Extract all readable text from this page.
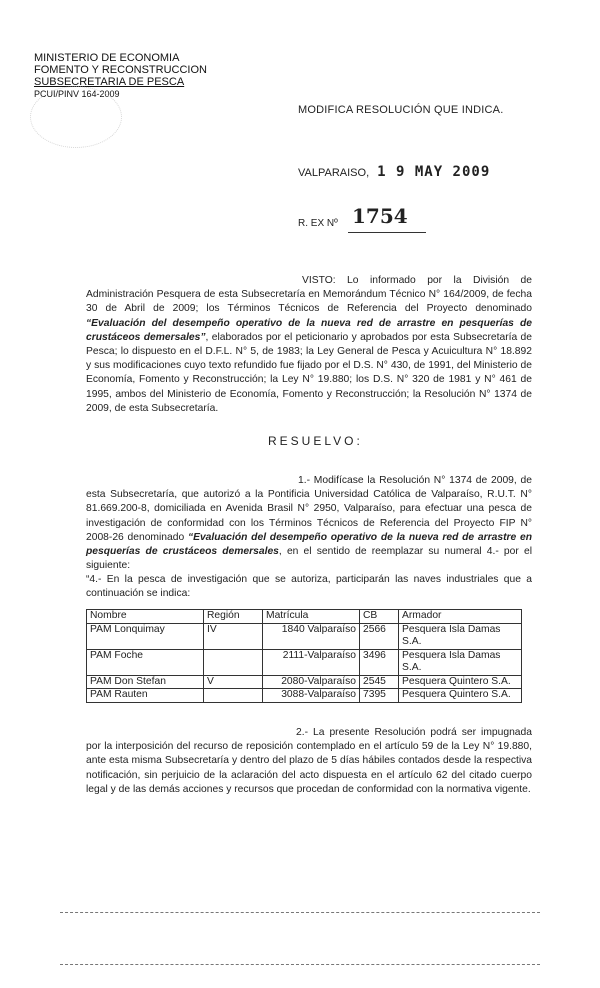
MINISTERIO DE ECONOMIA
FOMENTO Y RECONSTRUCCION
SUBSECRETARIA DE PESCA
PCUI/PINV 164-2009
MODIFICA RESOLUCIÓN QUE INDICA.
VALPARAISO, 1 9 MAY 2009
R. EX Nº 1754
VISTO: Lo informado por la División de Administración Pesquera de esta Subsecretaría en Memorándum Técnico N° 164/2009, de fecha 30 de Abril de 2009; los Términos Técnicos de Referencia del Proyecto denominado “Evaluación del desempeño operativo de la nueva red de arrastre en pesquerías de crustáceos demersales”, elaborados por el peticionario y aprobados por esta Subsecretaría de Pesca; lo dispuesto en el D.F.L. N° 5, de 1983; la Ley General de Pesca y Acuicultura N° 18.892 y sus modificaciones cuyo texto refundido fue fijado por el D.S. N° 430, de 1991, del Ministerio de Economía, Fomento y Reconstrucción; la Ley N° 19.880; los D.S. N° 320 de 1981 y N° 461 de 1995, ambos del Ministerio de Economía, Fomento y Reconstrucción; la Resolución N° 1374 de 2009, de esta Subsecretaría.
RESUELVO:
1.- Modifícase la Resolución N° 1374 de 2009, de esta Subsecretaría, que autorizó a la Pontificia Universidad Católica de Valparaíso, R.U.T. N° 81.669.200-8, domiciliada en Avenida Brasil N° 2950, Valparaíso, para efectuar una pesca de investigación de conformidad con los Términos Técnicos de Referencia del Proyecto FIP N° 2008-26 denominado “Evaluación del desempeño operativo de la nueva red de arrastre en pesquerías de crustáceos demersales, en el sentido de reemplazar su numeral 4.- por el siguiente:
“4.- En la pesca de investigación que se autoriza, participarán las naves industriales que a continuación se indica:
Nombre	Región	Matrícula	CB	Armador
PAM Lonquimay	IV	1840 Valparaíso	2566	Pesquera Isla Damas S.A.
PAM Foche		2111-Valparaíso	3496	Pesquera Isla Damas S.A.
PAM Don Stefan	V	2080-Valparaíso	2545	Pesquera Quintero S.A.
PAM Rauten		3088-Valparaíso	7395	Pesquera Quintero S.A.
2.- La presente Resolución podrá ser impugnada por la interposición del recurso de reposición contemplado en el artículo 59 de la Ley N° 19.880, ante esta misma Subsecretaría y dentro del plazo de 5 días hábiles contados desde la respectiva notificación, sin perjuicio de la aclaración del acto dispuesta en el artículo 62 del citado cuerpo legal y de las demás acciones y recursos que procedan de conformidad con la normativa vigente.
